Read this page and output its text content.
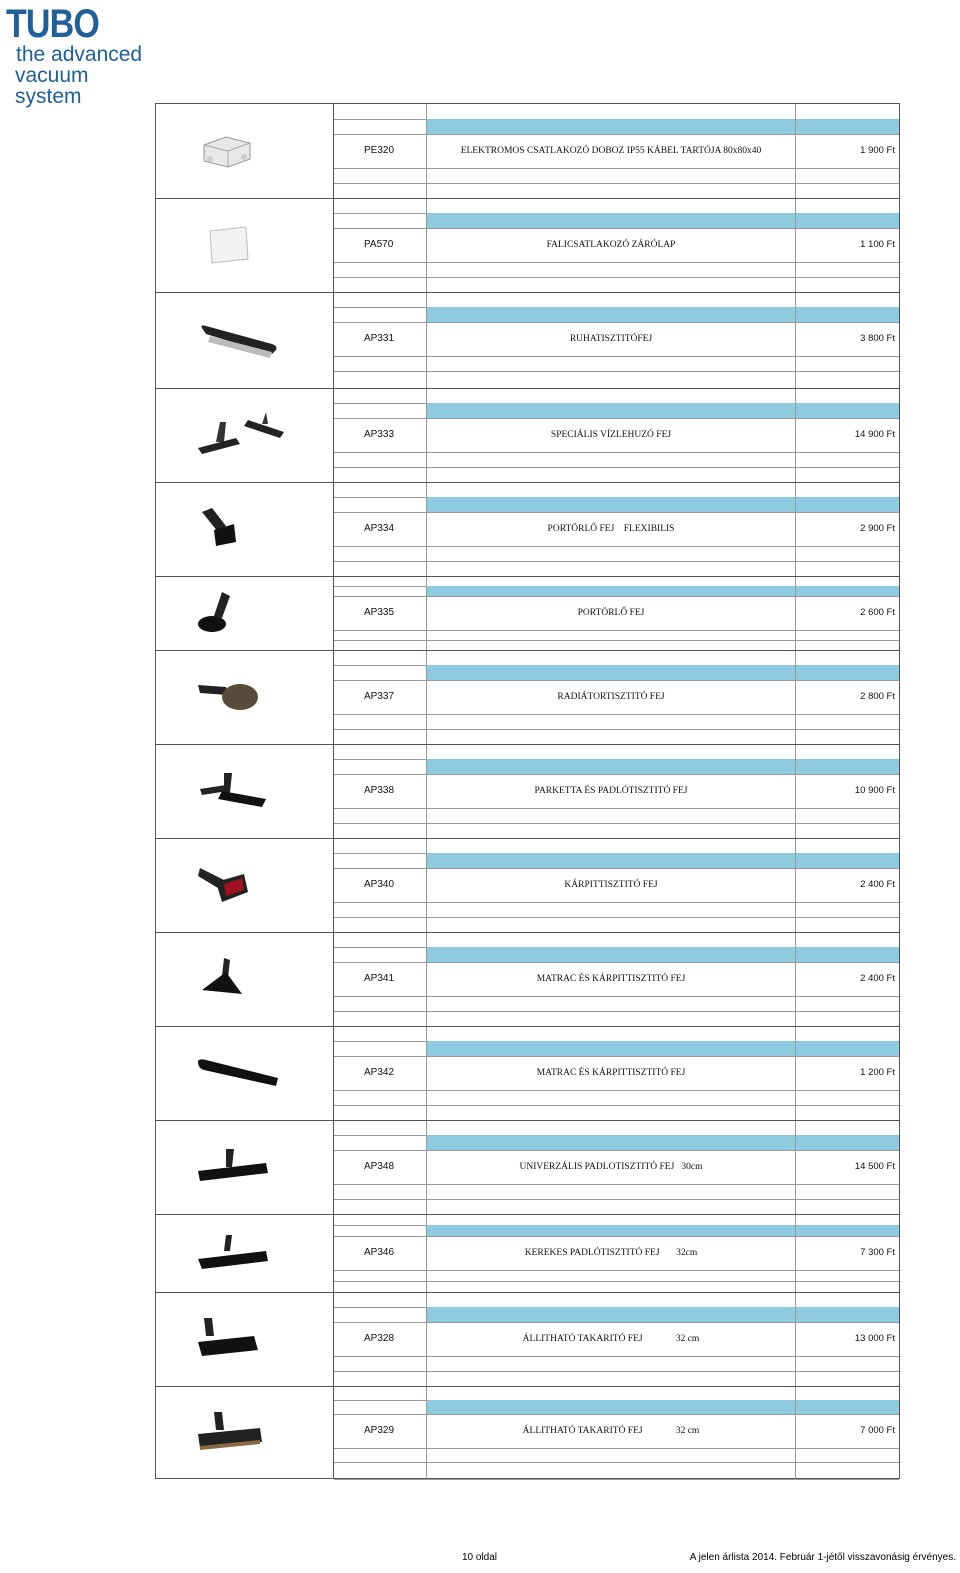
TUBO
the advanced
vacuum system
PE320	ELEKTROMOS CSATLAKOZÓ DOBOZ IP55 KÁBEL TARTÓJA 80x80x40	1 900 Ft
PA570	FALICSATLAKOZÓ ZÁRÓLAP	1 100 Ft
AP331	RUHATISZTITÓFEJ	3 800 Ft
AP333	SPECIÁLIS VÍZLEHUZÓ FEJ	14 900 Ft
AP334	PORTÖRLŐ FEJ    FLEXIBILIS	2 900 Ft
AP335	PORTÖRLŐ FEJ	2 600 Ft
AP337	RADIÁTORTISZTITÓ FEJ	2 800 Ft
AP338	PARKETTA ÉS PADLÓTISZTITÓ FEJ	10 900 Ft
AP340	KÁRPITTISZTITÓ FEJ	2 400 Ft
AP341	MATRAC ÉS KÁRPITTISZTITÓ FEJ	2 400 Ft
AP342	MATRAC ÉS KÁRPITTISZTITÓ FEJ	1 200 Ft
AP348	UNIVERZÁLIS PADLOTISZTITÓ FEJ   30cm	14 500 Ft
AP346	KEREKES PADLÓTISZTITÓ FEJ       32cm	7 300 Ft
AP328	ÁLLITHATÓ TAKARITÓ FEJ              32 cm	13 000 Ft
AP329	ÁLLITHATÓ TAKARITÓ FEJ              32 cm	7 000 Ft
10 oldal	A jelen árlista 2014. Február 1-jétől visszavonásig érvényes.
